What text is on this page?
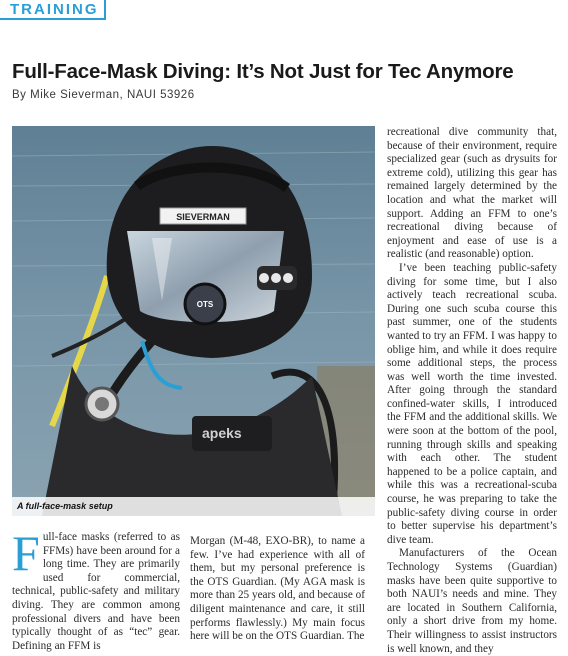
TRAINING
Full-Face-Mask Diving: It’s Not Just for Tec Anymore
By Mike Sieverman, NAUI 53926
apeks
SIEVERMAN
OTS
A full-face-mask setup
F ull-face masks (referred to as FFMs) have been around for a long time. They are primarily used for commercial, technical, public-safety and military diving. They are common among professional divers and have been typically thought of as “tec” gear. Defining an FFM is

Morgan (M-48, EXO-BR), to name a few. I’ve had experience with all of them, but my personal preference is the OTS Guardian. (My AGA mask is more than 25 years old, and because of diligent maintenance and care, it still performs flawlessly.) My main focus here will be on the OTS Guardian. The

recreational dive community that, because of their environment, require specialized gear (such as drysuits for extreme cold), utilizing this gear has remained largely determined by the location and what the market will support. Adding an FFM to one’s recreational diving because of enjoyment and ease of use is a realistic (and reasonable) option.

I’ve been teaching public-safety diving for some time, but I also actively teach recreational scuba. During one such scuba course this past summer, one of the students wanted to try an FFM. I was happy to oblige him, and while it does require some additional steps, the process was well worth the time invested. After going through the standard confined-water skills, I introduced the FFM and the additional skills. We were soon at the bottom of the pool, running through skills and speaking with each other. The student happened to be a police captain, and while this was a recreational-scuba course, he was preparing to take the public-safety diving course in order to better supervise his department’s dive team.

Manufacturers of the Ocean Technology Systems (Guardian) masks have been quite supportive to both NAUI’s needs and mine. They are located in Southern California, only a short drive from my home. Their willingness to assist instructors is well known, and they
